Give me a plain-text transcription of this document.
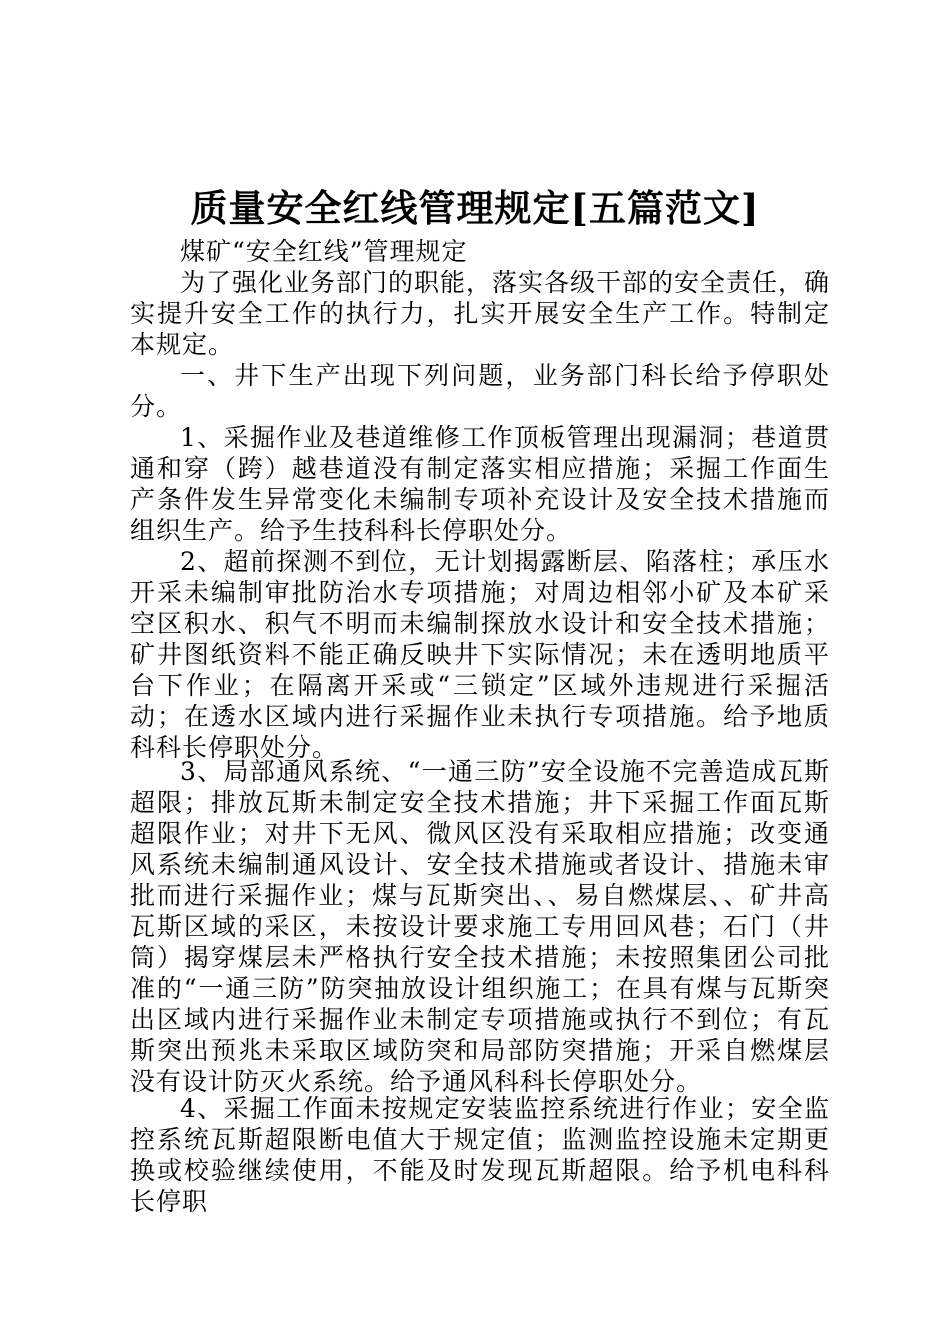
质量安全红线管理规定[五篇范文]

煤矿“安全红线”管理规定

为了强化业务部门的职能，落实各级干部的安全责任，确实提升安全工作的执行力，扎实开展安全生产工作。特制定本规定。

一、井下生产出现下列问题，业务部门科长给予停职处分。

1、采掘作业及巷道维修工作顶板管理出现漏洞；巷道贯通和穿（跨）越巷道没有制定落实相应措施；采掘工作面生产条件发生异常变化未编制专项补充设计及安全技术措施而组织生产。给予生技科科长停职处分。

2、超前探测不到位，无计划揭露断层、陷落柱；承压水开采未编制审批防治水专项措施；对周边相邻小矿及本矿采空区积水、积气不明而未编制探放水设计和安全技术措施；矿井图纸资料不能正确反映井下实际情况；未在透明地质平台下作业；在隔离开采或“三锁定”区域外违规进行采掘活动；在透水区域内进行采掘作业未执行专项措施。给予地质科科长停职处分。

3、局部通风系统、“一通三防”安全设施不完善造成瓦斯超限；排放瓦斯未制定安全技术措施；井下采掘工作面瓦斯超限作业；对井下无风、微风区没有采取相应措施；改变通风系统未编制通风设计、安全技术措施或者设计、措施未审批而进行采掘作业；煤与瓦斯突出、、易自燃煤层、、矿井高瓦斯区域的采区，未按设计要求施工专用回风巷；石门（井筒）揭穿煤层未严格执行安全技术措施；未按照集团公司批准的“一通三防”防突抽放设计组织施工；在具有煤与瓦斯突出区域内进行采掘作业未制定专项措施或执行不到位；有瓦斯突出预兆未采取区域防突和局部防突措施；开采自燃煤层没有设计防灭火系统。给予通风科科长停职处分。

4、采掘工作面未按规定安装监控系统进行作业；安全监控系统瓦斯超限断电值大于规定值；监测监控设施未定期更换或校验继续使用，不能及时发现瓦斯超限。给予机电科科长停职
